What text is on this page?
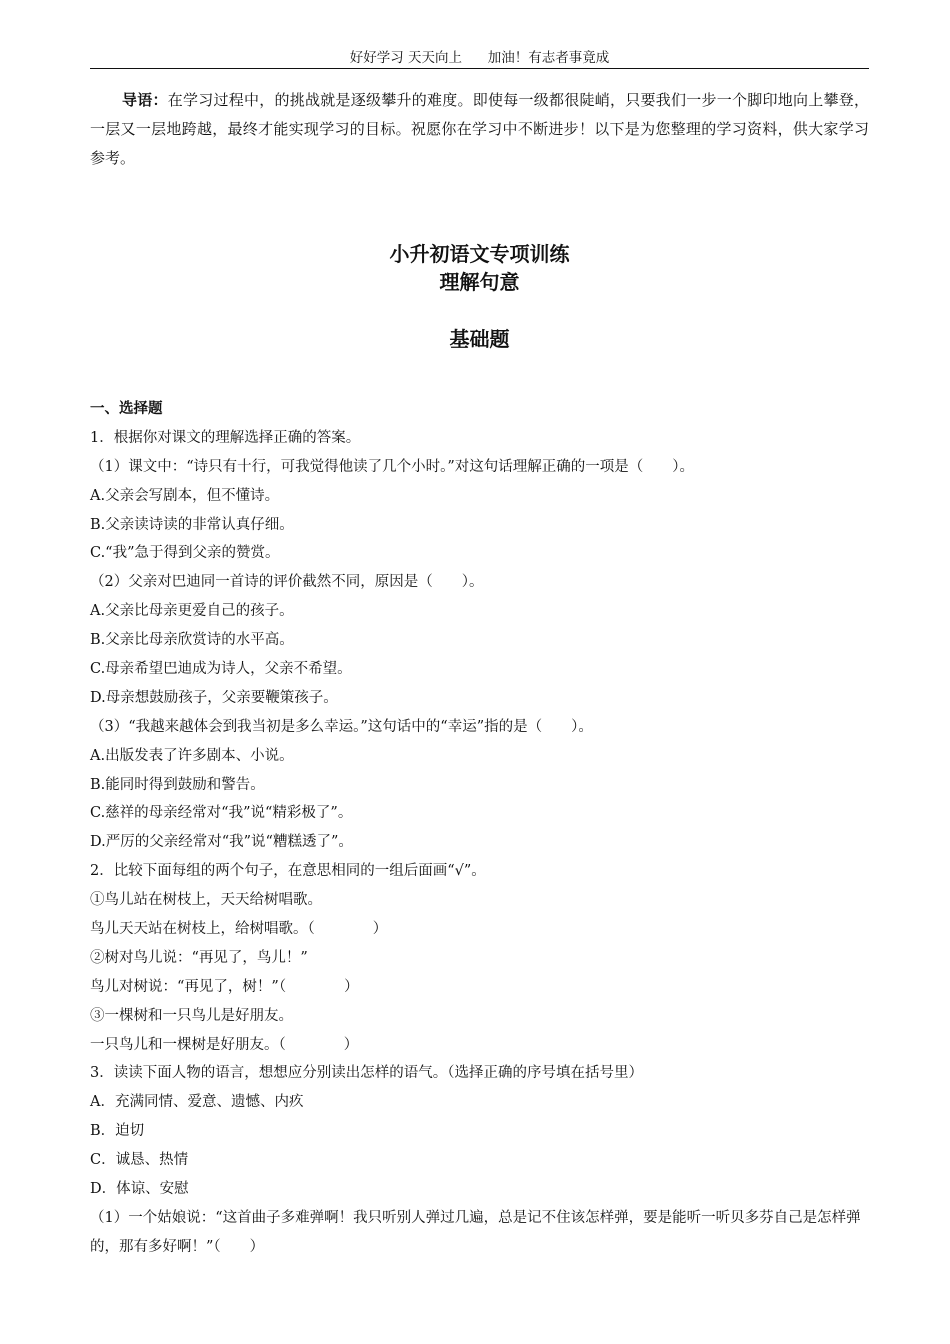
好好学习 天天向上      加油！有志者事竟成
导语：在学习过程中，的挑战就是逐级攀升的难度。即使每一级都很陡峭，只要我们一步一个脚印地向上攀登，一层又一层地跨越，最终才能实现学习的目标。祝愿你在学习中不断进步！以下是为您整理的学习资料，供大家学习参考。
小升初语文专项训练
理解句意
基础题
一、选择题
1．根据你对课文的理解选择正确的答案。
（1）课文中：“诗只有十行，可我觉得他读了几个小时。”对这句话理解正确的一项是（　　）。
A.父亲会写剧本，但不懂诗。
B.父亲读诗读的非常认真仔细。
C.“我”急于得到父亲的赞赏。
（2）父亲对巴迪同一首诗的评价截然不同，原因是（　　）。
A.父亲比母亲更爱自己的孩子。
B.父亲比母亲欣赏诗的水平高。
C.母亲希望巴迪成为诗人，父亲不希望。
D.母亲想鼓励孩子，父亲要鞭策孩子。
（3）“我越来越体会到我当初是多么幸运。”这句话中的“幸运”指的是（　　）。
A.出版发表了许多剧本、小说。
B.能同时得到鼓励和警告。
C.慈祥的母亲经常对“我”说“精彩极了”。
D.严厉的父亲经常对“我”说“糟糕透了”。
2．比较下面每组的两个句子，在意思相同的一组后面画“√”。
①鸟儿站在树枝上，天天给树唱歌。
鸟儿天天站在树枝上，给树唱歌。（　　　　）
②树对鸟儿说：“再见了，鸟儿！”
鸟儿对树说：“再见了，树！”（　　　　）
③一棵树和一只鸟儿是好朋友。
一只鸟儿和一棵树是好朋友。（　　　　）
3．读读下面人物的语言，想想应分别读出怎样的语气。（选择正确的序号填在括号里）
A．充满同情、爱意、遗憾、内疚
B．迫切
C．诚恳、热情
D．体谅、安慰
（1）一个姑娘说：“这首曲子多难弹啊！我只听别人弹过几遍，总是记不住该怎样弹，要是能听一听贝多芬自己是怎样弹的，那有多好啊！”（　　）
